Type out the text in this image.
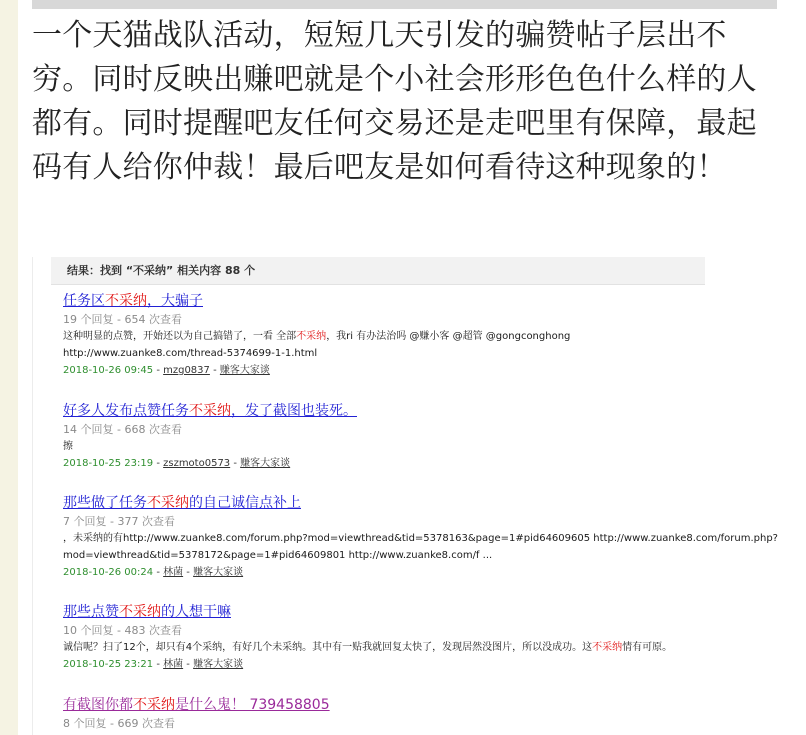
一个天猫战队活动，短短几天引发的骗赞帖子层出不穷。同时反映出赚吧就是个小社会形形色色什么样的人都有。同时提醒吧友任何交易还是走吧里有保障，最起码有人给你仲裁！最后吧友是如何看待这种现象的！
结果：找到 “不采纳” 相关内容 88 个
任务区不采纳，大骗子
19 个回复 - 654 次查看
这种明显的点赞，开始还以为自己搞错了，一看 全部不采纳，我ri 有办法治吗 @赚小客 @超管 @gongconghong
http://www.zuanke8.com/thread-5374699-1-1.html
2018-10-26 09:45 - mzg0837 - 赚客大家谈
好多人发布点赞任务不采纳，发了截图也装死。
14 个回复 - 668 次查看
擦
2018-10-25 23:19 - zszmoto0573 - 赚客大家谈
那些做了任务不采纳的自己诚信点补上
7 个回复 - 377 次查看
，未采纳的有http://www.zuanke8.com/forum.php?mod=viewthread&tid=5378163&page=1#pid64609605 http://www.zuanke8.com/forum.php?
mod=viewthread&tid=5378172&page=1#pid64609801 http://www.zuanke8.com/f ...
2018-10-26 00:24 - 林菌 - 赚客大家谈
那些点赞不采纳的人想干嘛
10 个回复 - 483 次查看
诚信呢？扫了12个，却只有4个采纳，有好几个未采纳。其中有一贴我就回复太快了，发现居然没图片，所以没成功。这不采纳情有可原。
2018-10-25 23:21 - 林菌 - 赚客大家谈
有截图你都不采纳是什么鬼！ 739458805
8 个回复 - 669 次查看
